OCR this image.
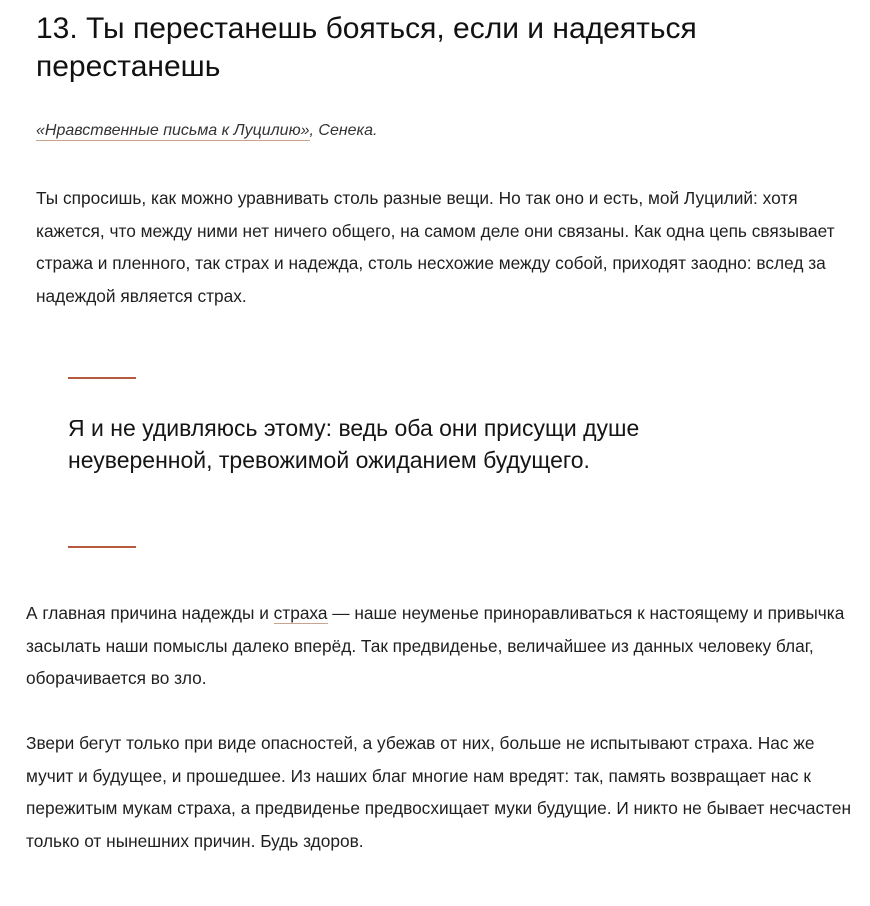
13. Ты перестанешь бояться, если и надеяться перестанешь

«Нравственные письма к Луцилию», Сенека.

Ты спросишь, как можно уравнивать столь разные вещи. Но так оно и есть, мой Луцилий: хотя кажется, что между ними нет ничего общего, на самом деле они связаны. Как одна цепь связывает стража и пленного, так страх и надежда, столь несхожие между собой, приходят заодно: вслед за надеждой является страх.

Я и не удивляюсь этому: ведь оба они присущи душе неуверенной, тревожимой ожиданием будущего.

А главная причина надежды и страха — наше неуменье приноравливаться к настоящему и привычка засылать наши помыслы далеко вперёд. Так предвиденье, величайшее из данных человеку благ, оборачивается во зло.

Звери бегут только при виде опасностей, а убежав от них, больше не испытывают страха. Нас же мучит и будущее, и прошедшее. Из наших благ многие нам вредят: так, память возвращает нас к пережитым мукам страха, а предвиденье предвосхищает муки будущие. И никто не бывает несчастен только от нынешних причин. Будь здоров.
